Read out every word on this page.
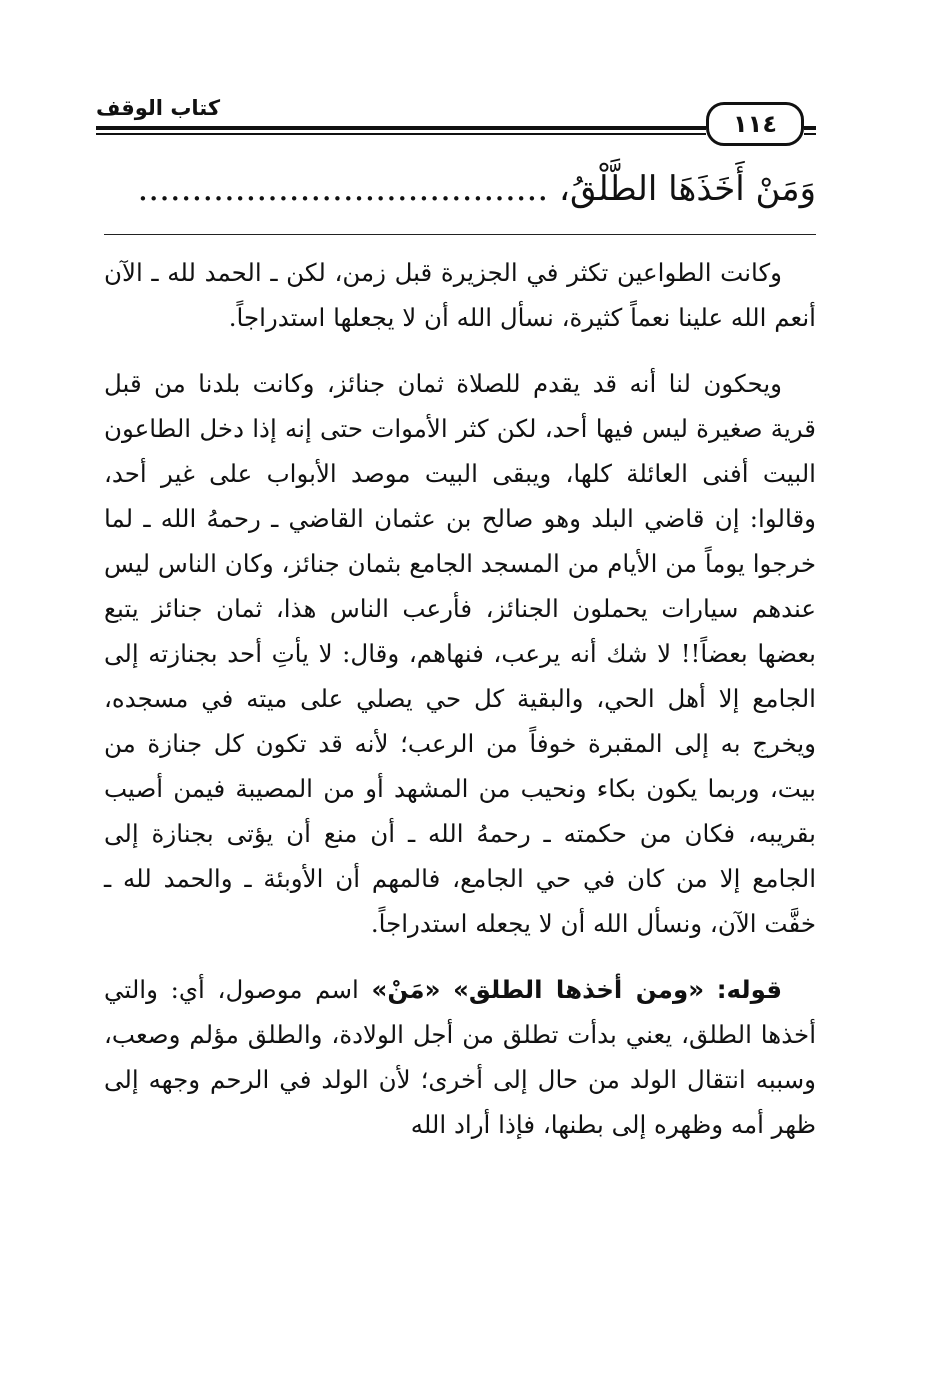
كتاب الوقف
١١٤
وَمَنْ أَخَذَهَا الطَّلْقُ، ......................................

وكانت الطواعين تكثر في الجزيرة قبل زمن، لكن ـ الحمد لله ـ الآن أنعم الله علينا نعماً كثيرة، نسأل الله أن لا يجعلها استدراجاً.

ويحكون لنا أنه قد يقدم للصلاة ثمان جنائز، وكانت بلدنا من قبل قرية صغيرة ليس فيها أحد، لكن كثر الأموات حتى إنه إذا دخل الطاعون البيت أفنى العائلة كلها، ويبقى البيت موصد الأبواب على غير أحد، وقالوا: إن قاضي البلد وهو صالح بن عثمان القاضي ـ رحمهُ الله ـ لما خرجوا يوماً من الأيام من المسجد الجامع بثمان جنائز، وكان الناس ليس عندهم سيارات يحملون الجنائز، فأرعب الناس هذا، ثمان جنائز يتبع بعضها بعضاً!! لا شك أنه يرعب، فنهاهم، وقال: لا يأتِ أحد بجنازته إلى الجامع إلا أهل الحي، والبقية كل حي يصلي على ميته في مسجده، ويخرج به إلى المقبرة خوفاً من الرعب؛ لأنه قد تكون كل جنازة من بيت، وربما يكون بكاء ونحيب من المشهد أو من المصيبة فيمن أصيب بقريبه، فكان من حكمته ـ رحمهُ الله ـ أن منع أن يؤتى بجنازة إلى الجامع إلا من كان في حي الجامع، فالمهم أن الأوبئة ـ والحمد لله ـ خفَّت الآن، ونسأل الله أن لا يجعله استدراجاً.

قوله: «ومن أخذها الطلق» «مَنْ» اسم موصول، أي: والتي أخذها الطلق، يعني بدأت تطلق من أجل الولادة، والطلق مؤلم وصعب، وسببه انتقال الولد من حال إلى أخرى؛ لأن الولد في الرحم وجهه إلى ظهر أمه وظهره إلى بطنها، فإذا أراد الله
